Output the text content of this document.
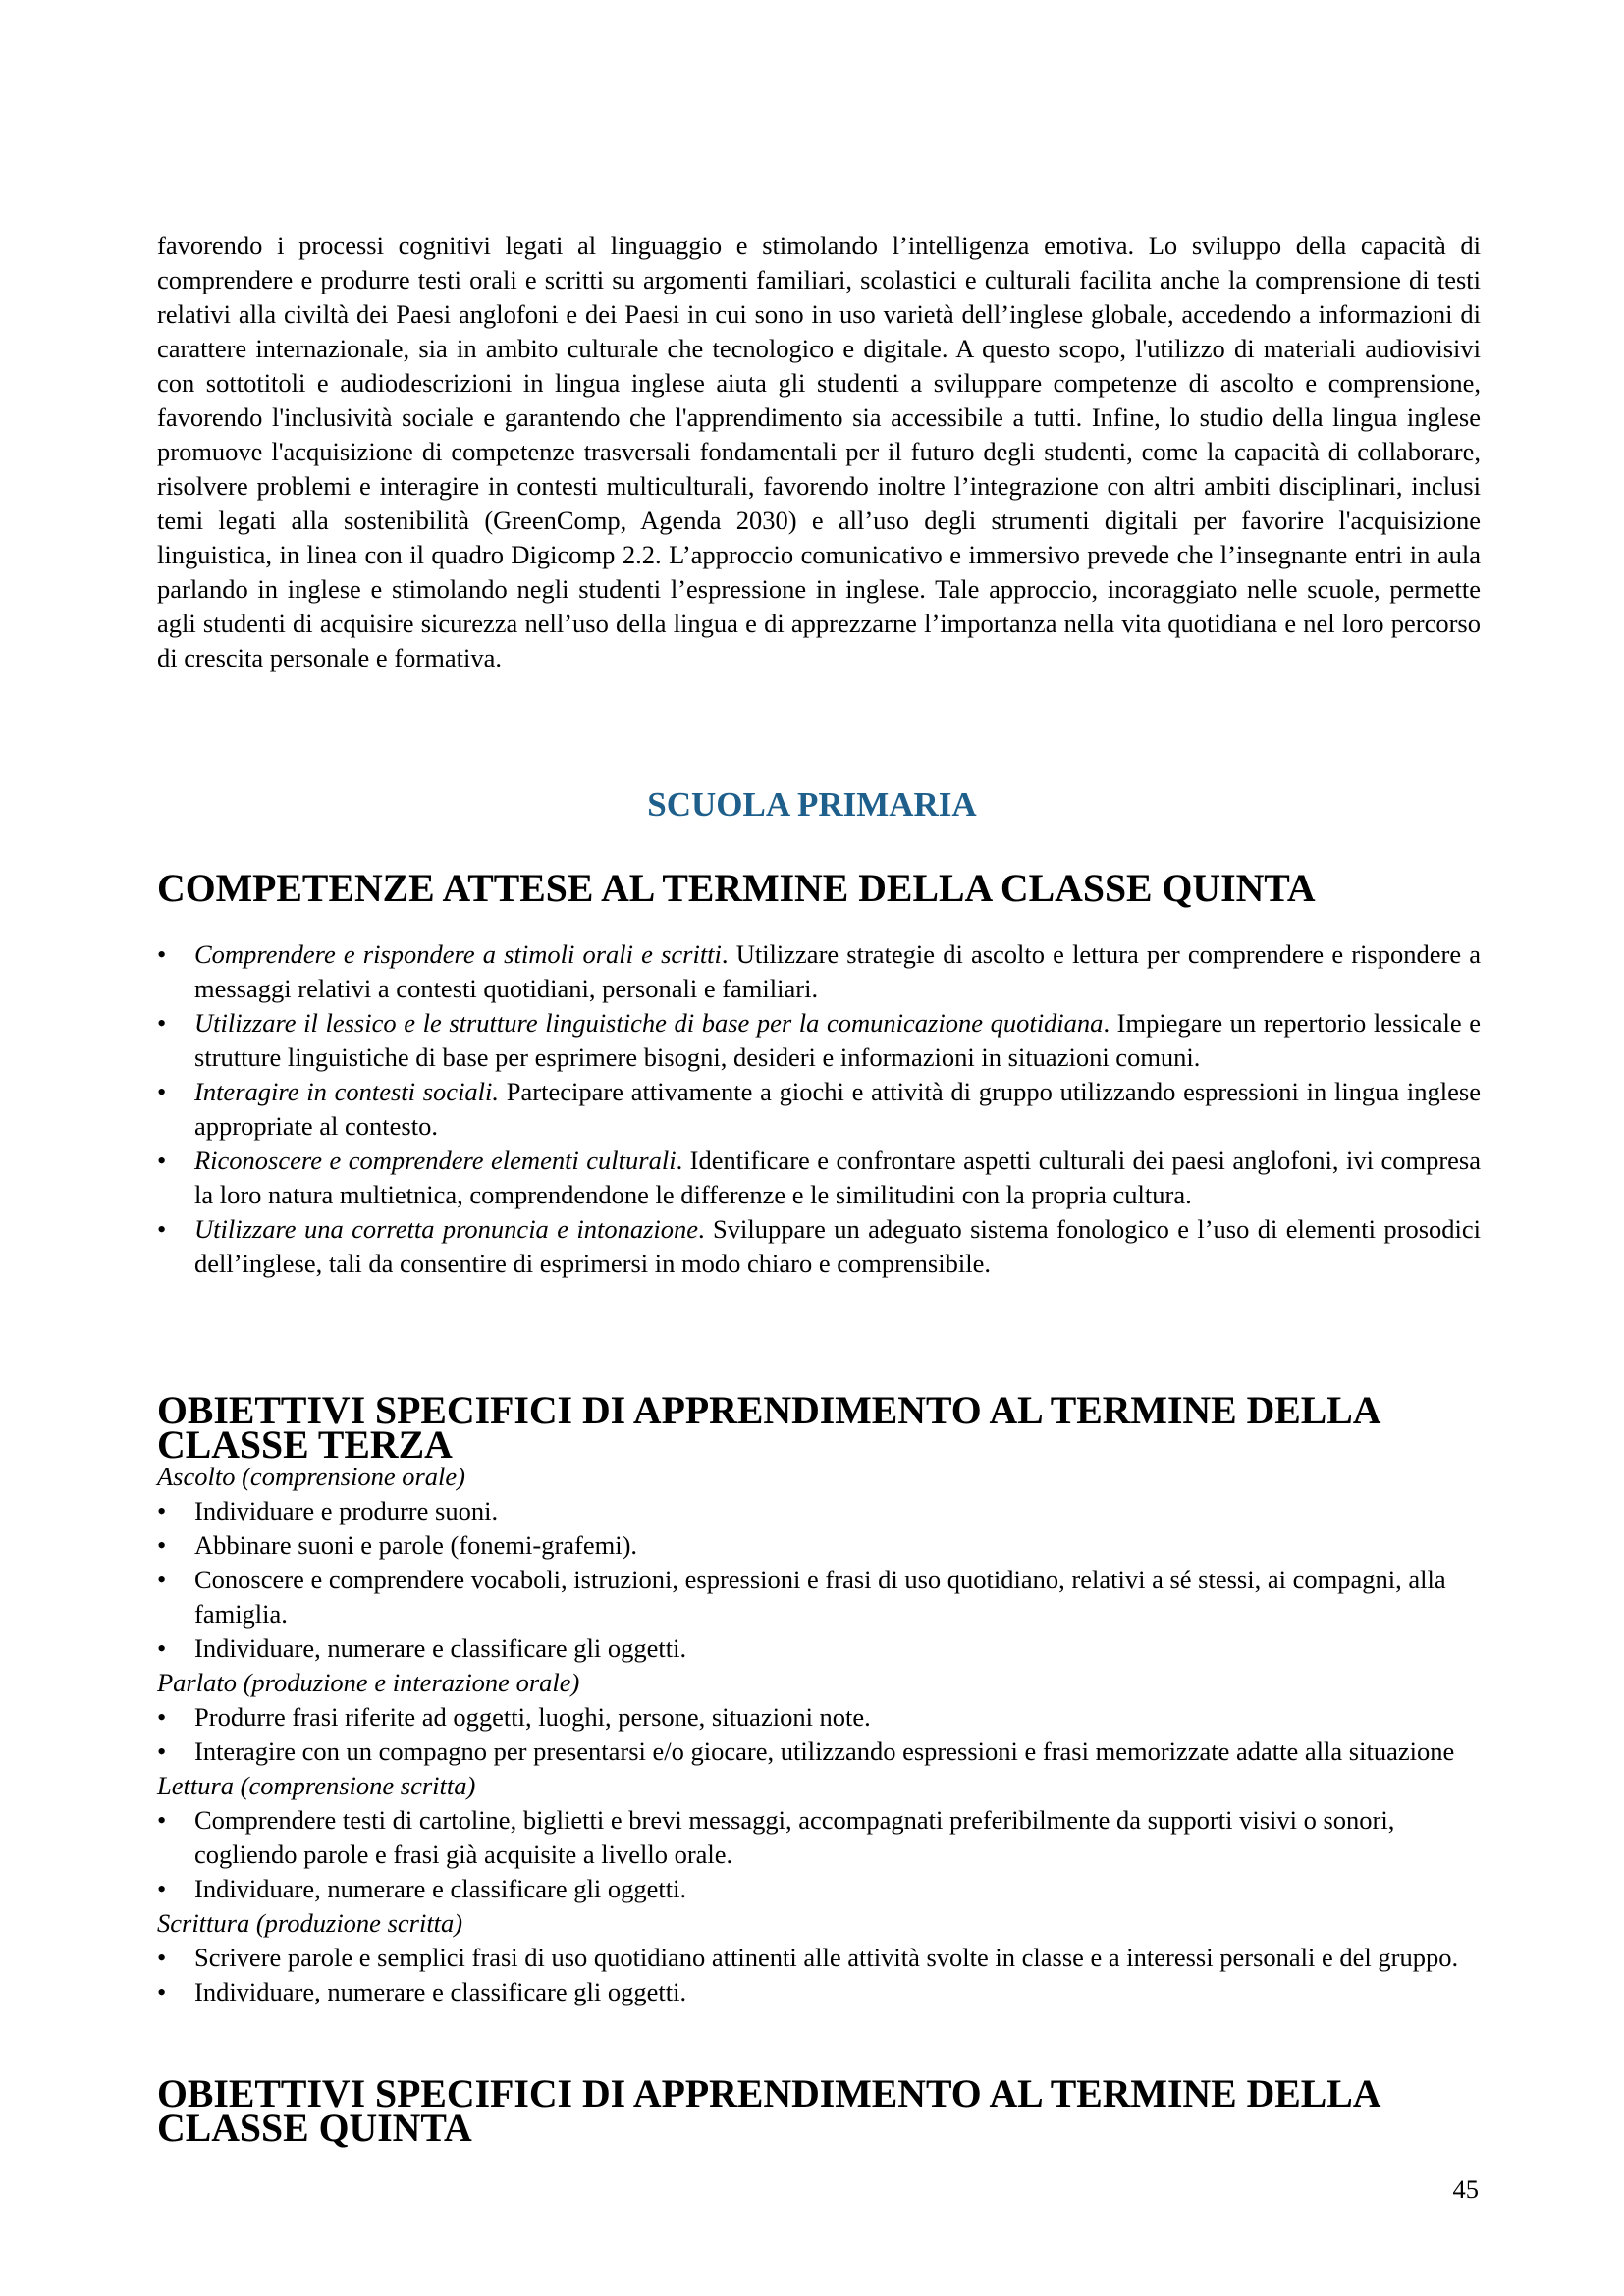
favorendo i processi cognitivi legati al linguaggio e stimolando l’intelligenza emotiva. Lo sviluppo della capacità di comprendere e produrre testi orali e scritti su argomenti familiari, scolastici e culturali facilita anche la comprensione di testi relativi alla civiltà dei Paesi anglofoni e dei Paesi in cui sono in uso varietà dell’inglese globale, accedendo a informazioni di carattere internazionale, sia in ambito culturale che tecnologico e digitale. A questo scopo, l'utilizzo di materiali audiovisivi con sottotitoli e audiodescrizioni in lingua inglese aiuta gli studenti a sviluppare competenze di ascolto e comprensione, favorendo l'inclusività sociale e garantendo che l'apprendimento sia accessibile a tutti. Infine, lo studio della lingua inglese promuove l'acquisizione di competenze trasversali fondamentali per il futuro degli studenti, come la capacità di collaborare, risolvere problemi e interagire in contesti multiculturali, favorendo inoltre l’integrazione con altri ambiti disciplinari, inclusi temi legati alla sostenibilità (GreenComp, Agenda 2030) e all’uso degli strumenti digitali per favorire l'acquisizione linguistica, in linea con il quadro Digicomp 2.2. L’approccio comunicativo e immersivo prevede che l’insegnante entri in aula parlando in inglese e stimolando negli studenti l’espressione in inglese. Tale approccio, incoraggiato nelle scuole, permette agli studenti di acquisire sicurezza nell’uso della lingua e di apprezzarne l’importanza nella vita quotidiana e nel loro percorso di crescita personale e formativa.

SCUOLA PRIMARIA
COMPETENZE ATTESE AL TERMINE DELLA CLASSE QUINTA
• Comprendere e rispondere a stimoli orali e scritti. Utilizzare strategie di ascolto e lettura per comprendere e rispondere a messaggi relativi a contesti quotidiani, personali e familiari.
• Utilizzare il lessico e le strutture linguistiche di base per la comunicazione quotidiana. Impiegare un repertorio lessicale e strutture linguistiche di base per esprimere bisogni, desideri e informazioni in situazioni comuni.
• Interagire in contesti sociali. Partecipare attivamente a giochi e attività di gruppo utilizzando espressioni in lingua inglese appropriate al contesto.
• Riconoscere e comprendere elementi culturali. Identificare e confrontare aspetti culturali dei paesi anglofoni, ivi compresa la loro natura multietnica, comprendendone le differenze e le similitudini con la propria cultura.
• Utilizzare una corretta pronuncia e intonazione. Sviluppare un adeguato sistema fonologico e l’uso di elementi prosodici dell’inglese, tali da consentire di esprimersi in modo chiaro e comprensibile.
OBIETTIVI SPECIFICI DI APPRENDIMENTO AL TERMINE DELLA CLASSE TERZA

Ascolto (comprensione orale)

• Individuare e produrre suoni.
• Abbinare suoni e parole (fonemi-grafemi).
• Conoscere e comprendere vocaboli, istruzioni, espressioni e frasi di uso quotidiano, relativi a sé stessi, ai compagni, alla famiglia.
• Individuare, numerare e classificare gli oggetti.

Parlato (produzione e interazione orale)

• Produrre frasi riferite ad oggetti, luoghi, persone, situazioni note.
• Interagire con un compagno per presentarsi e/o giocare, utilizzando espressioni e frasi memorizzate adatte alla situazione

Lettura (comprensione scritta)

• Comprendere testi di cartoline, biglietti e brevi messaggi, accompagnati preferibilmente da supporti visivi o sonori, cogliendo parole e frasi già acquisite a livello orale.
• Individuare, numerare e classificare gli oggetti.

Scrittura (produzione scritta)

• Scrivere parole e semplici frasi di uso quotidiano attinenti alle attività svolte in classe e a interessi personali e del gruppo.
• Individuare, numerare e classificare gli oggetti.
OBIETTIVI SPECIFICI DI APPRENDIMENTO AL TERMINE DELLA CLASSE QUINTA
45
